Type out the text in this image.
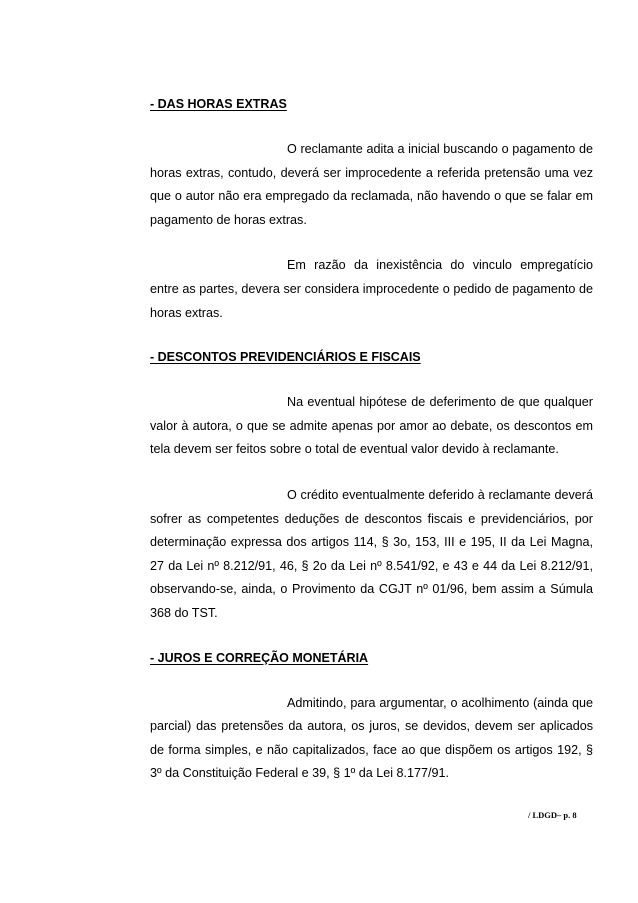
- DAS HORAS EXTRAS

O reclamante adita a inicial buscando o pagamento de horas extras, contudo, deverá ser improcedente a referida pretensão uma vez que o autor não era empregado da reclamada, não havendo o que se falar em pagamento de horas extras.

Em razão da inexistência do vinculo empregatício entre as partes, devera ser considera improcedente o pedido de pagamento de horas extras.

- DESCONTOS PREVIDENCIÁRIOS E FISCAIS

Na eventual hipótese de deferimento de que qualquer valor à autora, o que se admite apenas por amor ao debate, os descontos em tela devem ser feitos sobre o total de eventual valor devido à reclamante.

O crédito eventualmente deferido à reclamante deverá sofrer as competentes deduções de descontos fiscais e previdenciários, por determinação expressa dos artigos 114, § 3o, 153, III e 195, II da Lei Magna, 27 da Lei nº 8.212/91, 46, § 2o da Lei nº 8.541/92, e 43 e 44 da Lei 8.212/91, observando-se, ainda, o Provimento da CGJT nº 01/96, bem assim a Súmula 368 do TST.

- JUROS E CORREÇÃO MONETÁRIA

Admitindo, para argumentar, o acolhimento (ainda que parcial) das pretensões da autora, os juros, se devidos, devem ser aplicados de forma simples, e não capitalizados, face ao que dispõem os artigos 192, § 3º da Constituição Federal e 39, § 1º da Lei 8.177/91.

/ LDGD– p. 8
